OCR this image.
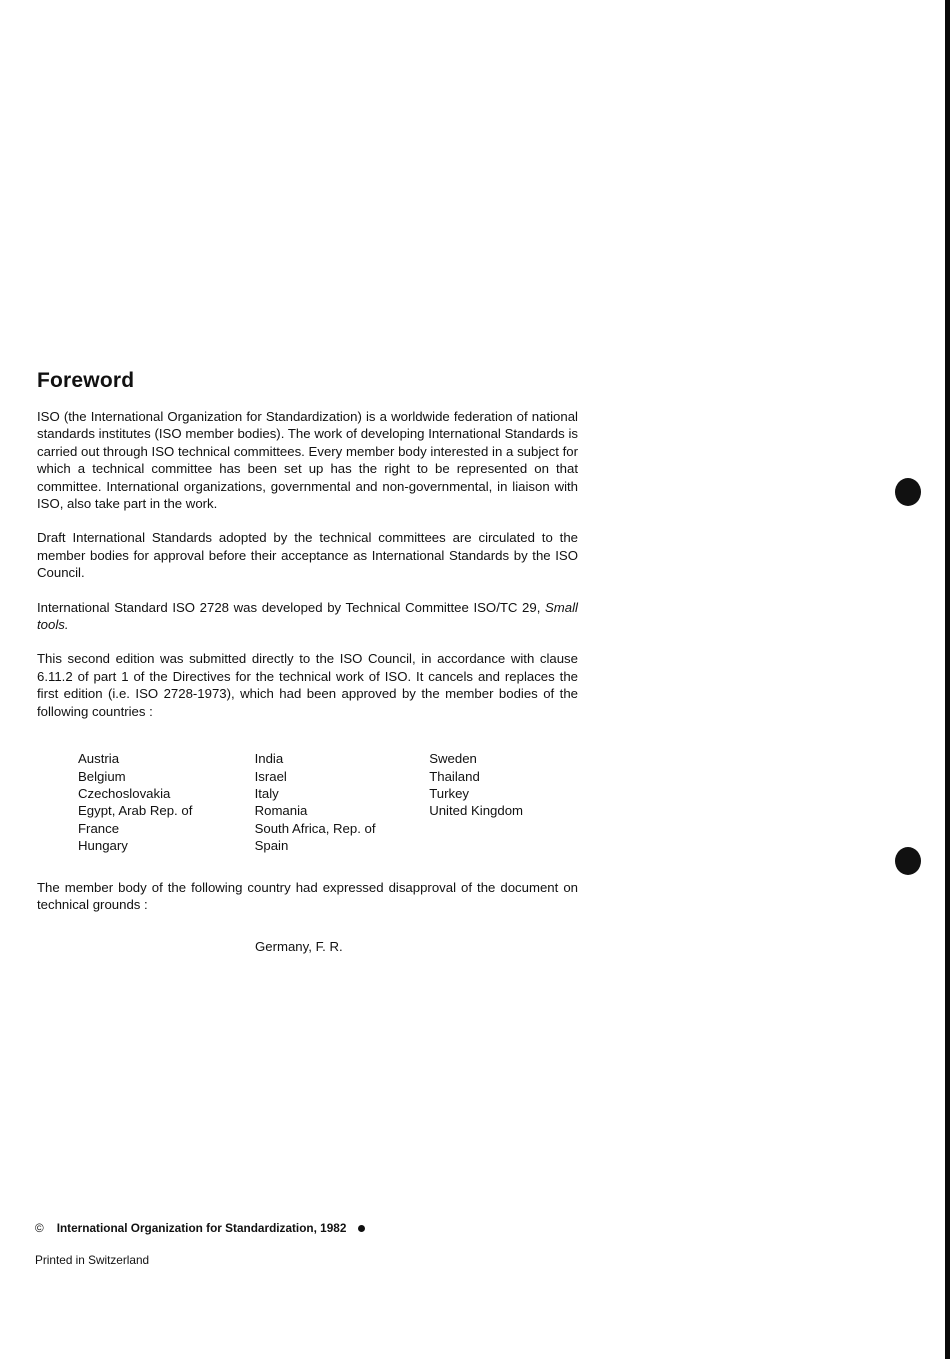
Foreword

ISO (the International Organization for Standardization) is a worldwide federation of national standards institutes (ISO member bodies). The work of developing International Standards is carried out through ISO technical committees. Every member body interested in a subject for which a technical committee has been set up has the right to be represented on that committee. International organizations, governmental and non-governmental, in liaison with ISO, also take part in the work.

Draft International Standards adopted by the technical committees are circulated to the member bodies for approval before their acceptance as International Standards by the ISO Council.

International Standard ISO 2728 was developed by Technical Committee ISO/TC 29, Small tools.

This second edition was submitted directly to the ISO Council, in accordance with clause 6.11.2 of part 1 of the Directives for the technical work of ISO. It cancels and replaces the first edition (i.e. ISO 2728-1973), which had been approved by the member bodies of the following countries :

Austria
Belgium
Czechoslovakia
Egypt, Arab Rep. of
France
Hungary
India
Israel
Italy
Romania
South Africa, Rep. of
Spain
Sweden
Thailand
Turkey
United Kingdom

The member body of the following country had expressed disapproval of the document on technical grounds :

Germany, F. R.
© International Organization for Standardization, 1982
Printed in Switzerland
